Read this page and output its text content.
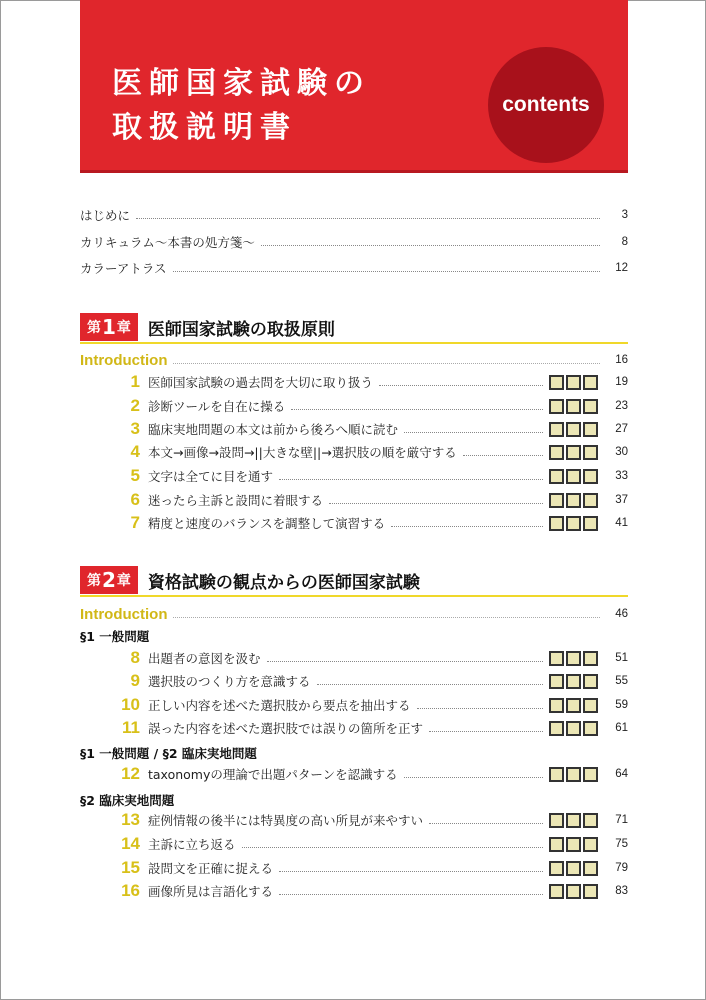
医師国家試験の
取扱説明書
contents
はじめに	3
カリキュラム〜本書の処方箋〜	8
カラーアトラス	12
第 1 章 医師国家試験の取扱原則
Introduction	16
1 医師国家試験の過去問を大切に取り扱う	19
2 診断ツールを自在に操る	23
3 臨床実地問題の本文は前から後ろへ順に読む	27
4 本文→画像→設問→||大きな壁||→選択肢の順を厳守する	30
5 文字は全てに目を通す	33
6 迷ったら主訴と設問に着眼する	37
7 精度と速度のバランスを調整して演習する	41
第 2 章 資格試験の観点からの医師国家試験
Introduction	46
§1 一般問題
8 出題者の意図を汲む	51
9 選択肢のつくり方を意識する	55
10 正しい内容を述べた選択肢から要点を抽出する	59
11 誤った内容を述べた選択肢では誤りの箇所を正す	61
§1 一般問題 / §2 臨床実地問題
12 taxonomyの理論で出題パターンを認識する	64
§2 臨床実地問題
13 症例情報の後半には特異度の高い所見が来やすい	71
14 主訴に立ち返る	75
15 設問文を正確に捉える	79
16 画像所見は言語化する	83
